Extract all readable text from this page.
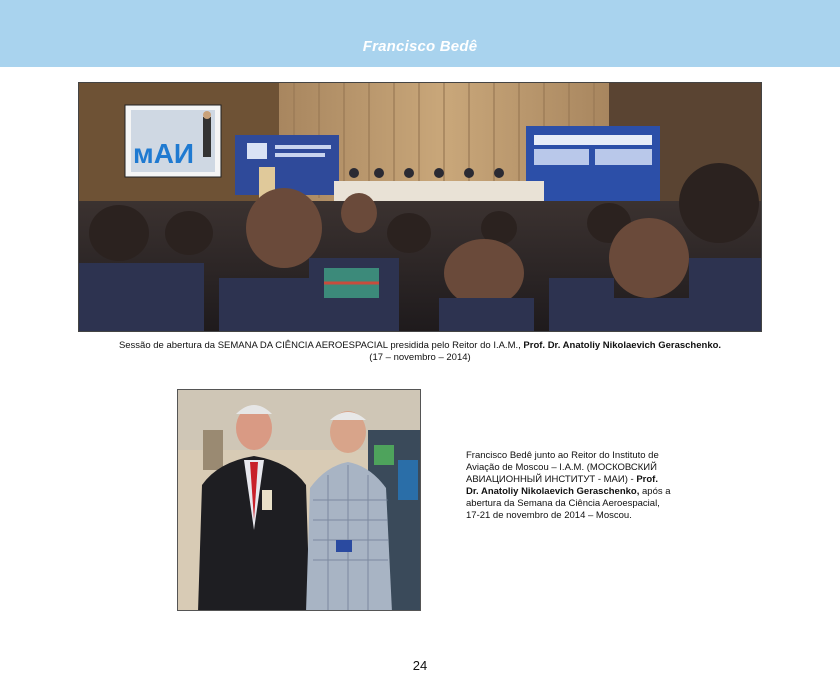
Francisco Bedê
мАИ
Sessão de abertura da SEMANA DA CIÊNCIA AEROESPACIAL presidida pelo Reitor do I.A.M., Prof. Dr. Anatoliy Nikolaevich Geraschenko.
(17 – novembro – 2014)
Francisco Bedê junto ao Reitor do Instituto de Aviação de Moscou – I.A.M. (МОСКОВСКИЙ АВИАЦИОННЫЙ ИНСТИТУТ - МАИ) - Prof. Dr. Anatoliy Nikolaevich Geraschenko, após a abertura da Semana da Ciência Aeroespacial, 17-21 de novembro de 2014 – Moscou.
24
